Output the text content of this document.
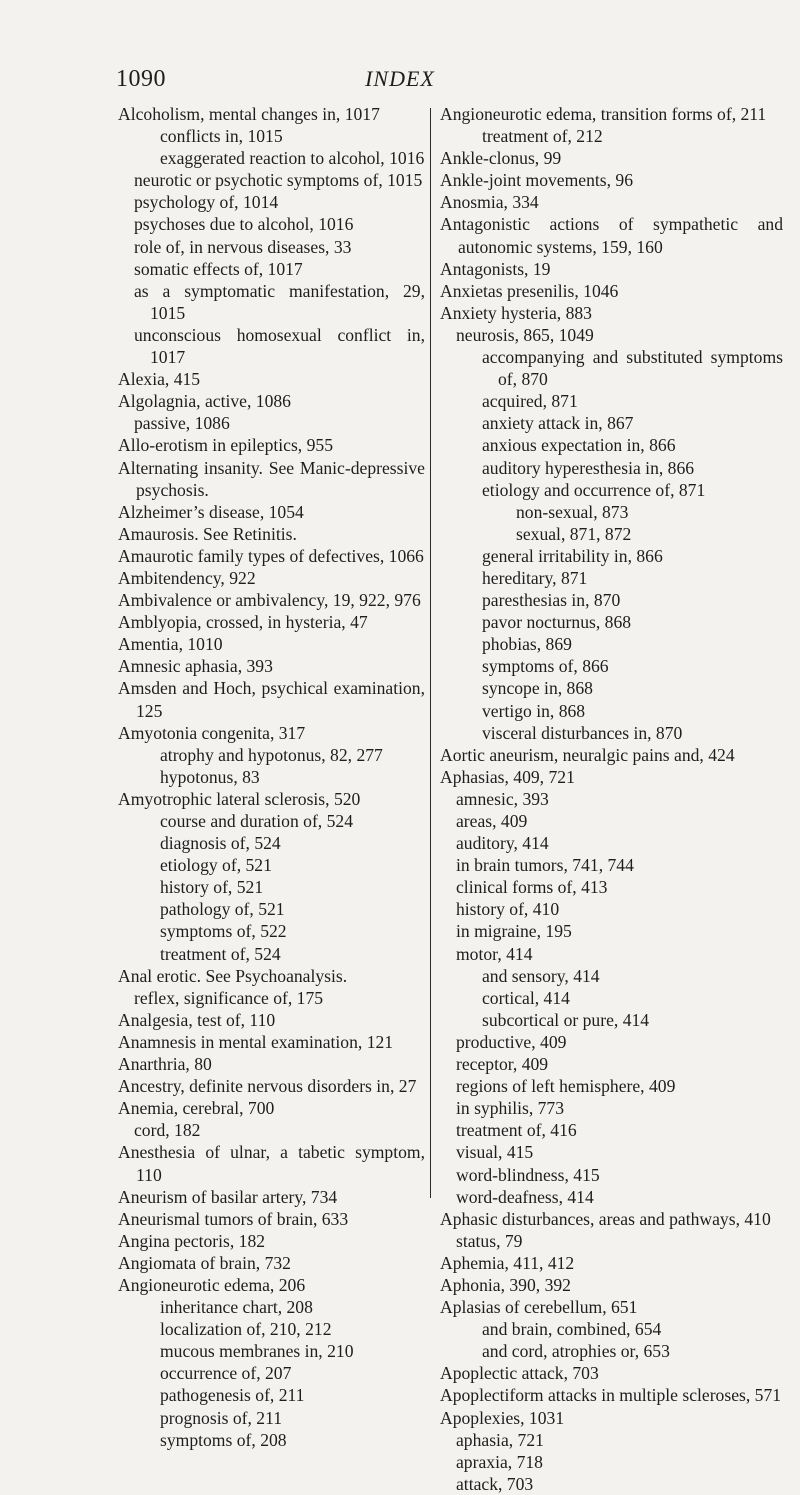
1090	INDEX

Alcoholism, mental changes in, 1017

conflicts in, 1015

exaggerated reaction to alcohol, 1016

neurotic or psychotic symptoms of, 1015

psychology of, 1014

psychoses due to alcohol, 1016

role of, in nervous diseases, 33

somatic effects of, 1017

as a symptomatic manifestation, 29, 1015

unconscious homosexual conflict in, 1017

Alexia, 415

Algolagnia, active, 1086

passive, 1086

Allo-erotism in epileptics, 955

Alternating insanity. See Manic-depressive psychosis.

Alzheimer’s disease, 1054

Amaurosis. See Retinitis.

Amaurotic family types of defectives, 1066

Ambitendency, 922

Ambivalence or ambivalency, 19, 922, 976

Amblyopia, crossed, in hysteria, 47

Amentia, 1010

Amnesic aphasia, 393

Amsden and Hoch, psychical examination, 125

Amyotonia congenita, 317

atrophy and hypotonus, 82, 277

hypotonus, 83

Amyotrophic lateral sclerosis, 520

course and duration of, 524

diagnosis of, 524

etiology of, 521

history of, 521

pathology of, 521

symptoms of, 522

treatment of, 524

Anal erotic. See Psychoanalysis.

reflex, significance of, 175

Analgesia, test of, 110

Anamnesis in mental examination, 121

Anarthria, 80

Ancestry, definite nervous disorders in, 27

Anemia, cerebral, 700

cord, 182

Anesthesia of ulnar, a tabetic symptom, 110

Aneurism of basilar artery, 734

Aneurismal tumors of brain, 633

Angina pectoris, 182

Angiomata of brain, 732

Angioneurotic edema, 206

inheritance chart, 208

localization of, 210, 212

mucous membranes in, 210

occurrence of, 207

pathogenesis of, 211

prognosis of, 211

symptoms of, 208

Angioneurotic edema, transition forms of, 211

treatment of, 212

Ankle-clonus, 99

Ankle-joint movements, 96

Anosmia, 334

Antagonistic actions of sympathetic and autonomic systems, 159, 160

Antagonists, 19

Anxietas presenilis, 1046

Anxiety hysteria, 883

neurosis, 865, 1049

accompanying and substituted symptoms of, 870

acquired, 871

anxiety attack in, 867

anxious expectation in, 866

auditory hyperesthesia in, 866

etiology and occurrence of, 871

non-sexual, 873

sexual, 871, 872

general irritability in, 866

hereditary, 871

paresthesias in, 870

pavor nocturnus, 868

phobias, 869

symptoms of, 866

syncope in, 868

vertigo in, 868

visceral disturbances in, 870

Aortic aneurism, neuralgic pains and, 424

Aphasias, 409, 721

amnesic, 393

areas, 409

auditory, 414

in brain tumors, 741, 744

clinical forms of, 413

history of, 410

in migraine, 195

motor, 414

and sensory, 414

cortical, 414

subcortical or pure, 414

productive, 409

receptor, 409

regions of left hemisphere, 409

in syphilis, 773

treatment of, 416

visual, 415

word-blindness, 415

word-deafness, 414

Aphasic disturbances, areas and pathways, 410

status, 79

Aphemia, 411, 412

Aphonia, 390, 392

Aplasias of cerebellum, 651

and brain, combined, 654

and cord, atrophies or, 653

Apoplectic attack, 703

Apoplectiform attacks in multiple scleroses, 571

Apoplexies, 1031

aphasia, 721

apraxia, 718

attack, 703
